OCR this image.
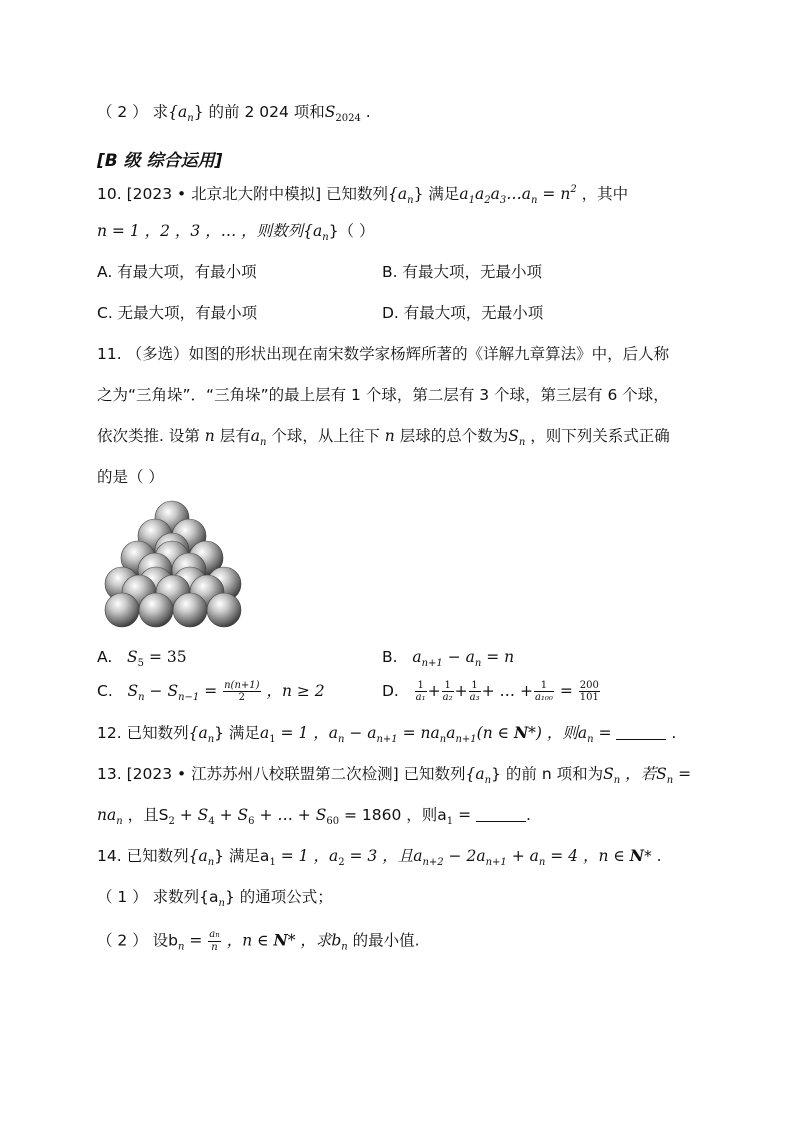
（ 2 ） 求$\{a_n\}$ 的前 2 024 项和$S_{2024}$ .
[B 级 综合运用]
10. [2023 • 北京北大附中模拟] 已知数列$\{a_n\}$ 满足$a_1a_2a_3\dots a_n = n^2$ ，其中
n = 1 ，2 ，3 ，… ，则数列$\{a_n\}$（ ）
A. 有最大项，有最小项	B. 有最大项，无最小项
C. 无最大项，有最小项	D. 有最大项，无最小项
11. （多选）如图的形状出现在南宋数学家杨辉所著的《详解九章算法》中，后人称
之为“三角垛”．“三角垛”的最上层有 1 个球，第二层有 3 个球，第三层有 6 个球，
依次类推. 设第 n 层有$a_n$ 个球，从上往下 n 层球的总个数为$S_n$ ，则下列关系式正确
的是（ ）
A. $S_5 = 35$	B. $a_{n+1} - a_n = n$
C. $S_n - S_{n-1} = \frac{n(n+1)}{2}$ ，n ≥ 2	D. $\frac{1}{\text{a₁}} + \frac{1}{\text{a₂}} + \frac{1}{\text{a₃}}$ + … + $\frac{1}{\text{a₁₀₀}} = \frac{200}{101}$
12. 已知数列$\{a_n\}$ 满足$a_1 = 1$ ，$a_n - a_{n+1} = na_na_{n+1}(n$ ∈ N*) ，则$a_n$ =	.
13. [2023 • 江苏苏州八校联盟第二次检测] 已知数列$\{a_n\}$ 的前 n 项和为$S_n$ ，若$S_n$ =
$na_n$ ，且$S_2 + S_4 + S_6$ + … + $S_{60} = 1860$ ，则$a_1$ =	.
14. 已知数列$\{a_n\}$ 满足$a_1 = 1$ ，$a_2 = 3$ ，且$a_{n+2} - 2a_{n+1} + a_n = 4$ ，n ∈ N* .
（ 1 ） 求数列$\{a_n\}$ 的通项公式；
（ 2 ） 设$b_n = \frac{an}{n}$ ，n ∈ N* ，求$b_n$ 的最小值.
